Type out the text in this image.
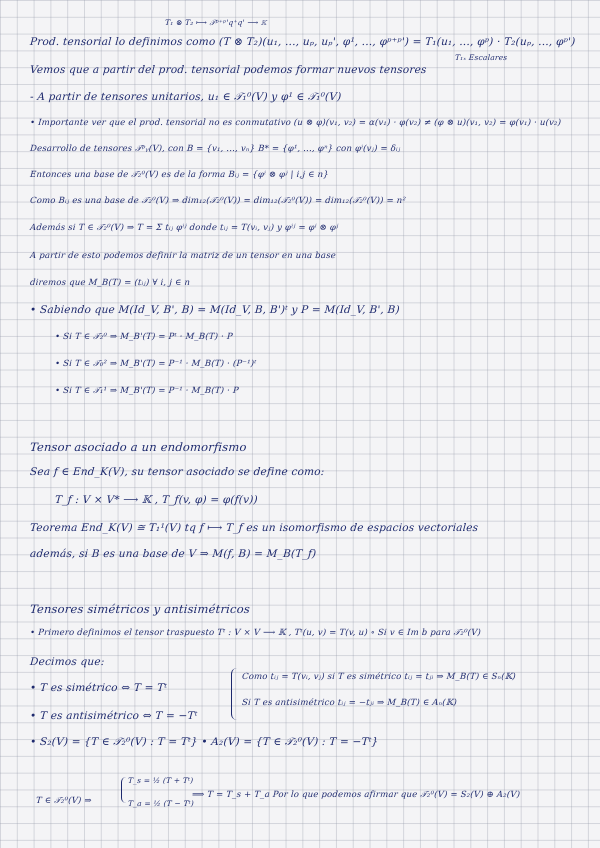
T₁ ⊗ T₂ ⟼ 𝒯ᵖ⁺ᵖ'q⁺q' ⟶ 𝕂
Prod. tensorial lo definimos como (T ⊗ T₂)(u₁, ..., uₚ, uₚ', φ¹, ..., φᵖ⁺ᵖ') = T₁(u₁, ..., φᵖ) · T₂(uₚ, ..., φᵖ')
T₁ₓ Escalares
Vemos que a partir del prod. tensorial podemos formar nuevos tensores
- A partir de tensores unitarios, u₁ ∈ 𝒯₁⁰(V) y φ¹ ∈ 𝒯₁⁰(V)
• Importante ver que el prod. tensorial no es conmutativo (u ⊗ φ)(v₁, v₂) = α(v₁) · φ(v₂) ≠ (φ ⊗ u)(v₁, v₂) = φ(v₁) · u(v₂)
Desarrollo de tensores 𝒯ᵖᵧ(V), con B = {v₁, ..., vₙ} B* = {φ¹, ..., φⁿ} con φⁱ(vⱼ) = δᵢⱼ
Entonces una base de 𝒯₂⁰(V) es de la forma Bᵢⱼ = {φⁱ ⊗ φʲ | i,j ∈ n}
Como Bᵢⱼ es una base de 𝒯₂⁰(V) ⇒ dim₁₂(𝒯₂⁰(V)) = dim₁₂(𝒯₂⁰(V)) = dim₁₂(𝒯₂⁰(V)) = n²
Además si T ∈ 𝒯₂⁰(V) ⇒ T = Σ tᵢⱼ φⁱʲ donde tᵢⱼ = T(vᵢ, vⱼ) y φⁱʲ = φⁱ ⊗ φʲ
A partir de esto podemos definir la matriz de un tensor en una base
diremos que M_B(T) = (tᵢⱼ) ∀ i, j ∈ n
• Sabiendo que M(Id_V, B', B) = M(Id_V, B, B')ᵗ y P = M(Id_V, B', B)
• Si T ∈ 𝒯₂⁰ ⇒ M_B'(T) = Pᵗ · M_B(T) · P
• Si T ∈ 𝒯₀² ⇒ M_B'(T) = P⁻¹ · M_B(T) · (P⁻¹)ᵗ
• Si T ∈ 𝒯₁¹ ⇒ M_B'(T) = P⁻¹ · M_B(T) · P
Tensor asociado a un endomorfismo
Sea f ∈ End_K(V), su tensor asociado se define como:
T_f : V × V* ⟶ 𝕂 , T_f(v, φ) = φ(f(v))
Teorema End_K(V) ≅ T₁¹(V) tq f ⟼ T_f es un isomorfismo de espacios vectoriales
además, si B es una base de V ⇒ M(f, B) = M_B(T_f)
Tensores simétricos y antisimétricos
• Primero definimos el tensor traspuesto Tᵗ : V × V ⟶ 𝕂 , Tᵗ(u, v) = T(v, u) ∘ Si v ∈ Im b para 𝒯₂⁰(V)
Decimos que:
Como tᵢⱼ = T(vᵢ, vⱼ) si T es simétrico tᵢⱼ = tⱼᵢ ⇒ M_B(T) ∈ Sₙ(𝕂)
• T es simétrico ⇔ T = Tᵗ
Si T es antisimétrico tᵢⱼ = −tⱼᵢ ⇒ M_B(T) ∈ Aₙ(𝕂)
• T es antisimétrico ⇔ T = −Tᵗ
• S₂(V) = {T ∈ 𝒯₂⁰(V) : T = Tᵗ} • A₂(V) = {T ∈ 𝒯₂⁰(V) : T = −Tᵗ}
T_s = ½ (T + Tᵗ)
T ∈ 𝒯₂⁰(V) ⇒
⟹ T = T_s + T_a Por lo que podemos afirmar que 𝒯₂⁰(V) = S₂(V) ⊕ A₂(V)
T_a = ½ (T − Tᵗ)
